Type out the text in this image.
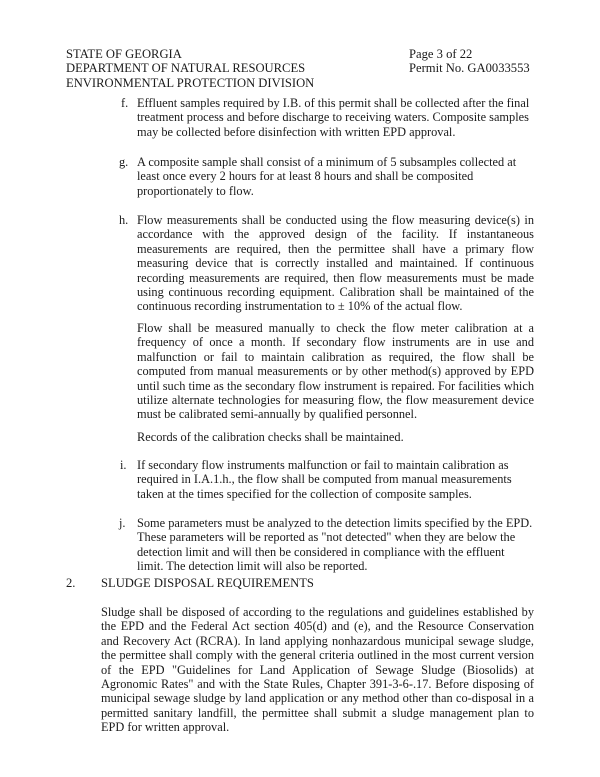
STATE OF GEORGIA
DEPARTMENT OF NATURAL RESOURCES
ENVIRONMENTAL PROTECTION DIVISION
Page 3 of 22
Permit No. GA0033553
f. Effluent samples required by I.B. of this permit shall be collected after the final treatment process and before discharge to receiving waters. Composite samples may be collected before disinfection with written EPD approval.
g. A composite sample shall consist of a minimum of 5 subsamples collected at least once every 2 hours for at least 8 hours and shall be composited proportionately to flow.
h. Flow measurements shall be conducted using the flow measuring device(s) in accordance with the approved design of the facility. If instantaneous measurements are required, then the permittee shall have a primary flow measuring device that is correctly installed and maintained. If continuous recording measurements are required, then flow measurements must be made using continuous recording equipment. Calibration shall be maintained of the continuous recording instrumentation to ± 10% of the actual flow.
Flow shall be measured manually to check the flow meter calibration at a frequency of once a month. If secondary flow instruments are in use and malfunction or fail to maintain calibration as required, the flow shall be computed from manual measurements or by other method(s) approved by EPD until such time as the secondary flow instrument is repaired. For facilities which utilize alternate technologies for measuring flow, the flow measurement device must be calibrated semi-annually by qualified personnel.
Records of the calibration checks shall be maintained.
i. If secondary flow instruments malfunction or fail to maintain calibration as required in I.A.1.h., the flow shall be computed from manual measurements taken at the times specified for the collection of composite samples.
j. Some parameters must be analyzed to the detection limits specified by the EPD. These parameters will be reported as "not detected" when they are below the detection limit and will then be considered in compliance with the effluent limit. The detection limit will also be reported.
2. SLUDGE DISPOSAL REQUIREMENTS
Sludge shall be disposed of according to the regulations and guidelines established by the EPD and the Federal Act section 405(d) and (e), and the Resource Conservation and Recovery Act (RCRA). In land applying nonhazardous municipal sewage sludge, the permittee shall comply with the general criteria outlined in the most current version of the EPD "Guidelines for Land Application of Sewage Sludge (Biosolids) at Agronomic Rates" and with the State Rules, Chapter 391-3-6-.17. Before disposing of municipal sewage sludge by land application or any method other than co-disposal in a permitted sanitary landfill, the permittee shall submit a sludge management plan to EPD for written approval.
